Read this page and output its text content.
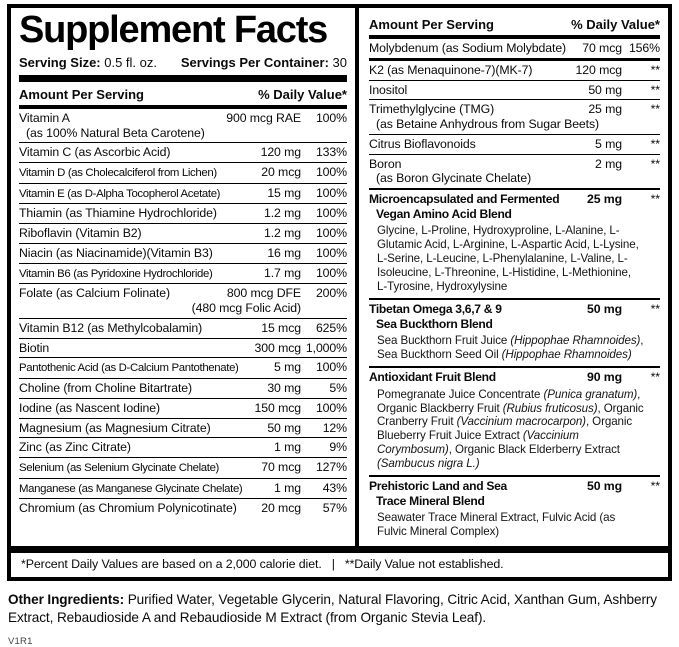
Supplement Facts
Serving Size: 0.5 fl. oz. Servings Per Container: 30
Amount Per Serving	% Daily Value*
Vitamin A	900 mcg RAE	100%
(as 100% Natural Beta Carotene)
Vitamin C (as Ascorbic Acid)	120 mg	133%
Vitamin D (as Cholecalciferol from Lichen)	20 mcg	100%
Vitamin E (as D-Alpha Tocopherol Acetate)	15 mg	100%
Thiamin (as Thiamine Hydrochloride)	1.2 mg	100%
Riboflavin (Vitamin B2)	1.2 mg	100%
Niacin (as Niacinamide)(Vitamin B3)	16 mg	100%
Vitamin B6 (as Pyridoxine Hydrochloride)	1.7 mg	100%
Folate (as Calcium Folinate)	800 mcg DFE	200%
(480 mcg Folic Acid)
Vitamin B12 (as Methylcobalamin)	15 mcg	625%
Biotin	300 mcg 1,000%
Pantothenic Acid (as D-Calcium Pantothenate)	5 mg	100%
Choline (from Choline Bitartrate)	30 mg	5%
Iodine (as Nascent Iodine)	150 mcg	100%
Magnesium (as Magnesium Citrate)	50 mg	12%
Zinc (as Zinc Citrate)	1 mg	9%
Selenium (as Selenium Glycinate Chelate)	70 mcg	127%
Manganese (as Manganese Glycinate Chelate)	1 mg	43%
Chromium (as Chromium Polynicotinate)	20 mcg	57%
Amount Per Serving	% Daily Value*
Molybdenum (as Sodium Molybdate)	70 mcg 156%
K2 (as Menaquinone-7)(MK-7)	120 mcg	**
Inositol	50 mg	**
Trimethylglycine (TMG)	25 mg	**
(as Betaine Anhydrous from Sugar Beets)
Citrus Bioflavonoids	5 mg	**
Boron	2 mg	**
(as Boron Glycinate Chelate)
Microencapsulated and Fermented	25 mg	**
Vegan Amino Acid Blend
Glycine, L-Proline, Hydroxyproline, L-Alanine, L-Glutamic Acid, L-Arginine, L-Aspartic Acid, L-Lysine, L-Serine, L-Leucine, L-Phenylalanine, L-Valine, L-Isoleucine, L-Threonine, L-Histidine, L-Methionine, L-Tyrosine, Hydroxylysine
Tibetan Omega 3,6,7 & 9	50 mg	**
Sea Buckthorn Blend
Sea Buckthorn Fruit Juice (Hippophae Rhamnoides), Sea Buckthorn Seed Oil (Hippophae Rhamnoides)
Antioxidant Fruit Blend	90 mg	**
Pomegranate Juice Concentrate (Punica granatum), Organic Blackberry Fruit (Rubius fruticosus), Organic Cranberry Fruit (Vaccinium macrocarpon), Organic Blueberry Fruit Juice Extract (Vaccinium Corymbosum), Organic Black Elderberry Extract (Sambucus nigra L.)
Prehistoric Land and Sea	50 mg	**
Trace Mineral Blend
Seawater Trace Mineral Extract, Fulvic Acid (as Fulvic Mineral Complex)
*Percent Daily Values are based on a 2,000 calorie diet.   |   **Daily Value not established.

Other Ingredients: Purified Water, Vegetable Glycerin, Natural Flavoring, Citric Acid, Xanthan Gum, Ashberry Extract, Rebaudioside A and Rebaudioside M Extract (from Organic Stevia Leaf).

V1R1
